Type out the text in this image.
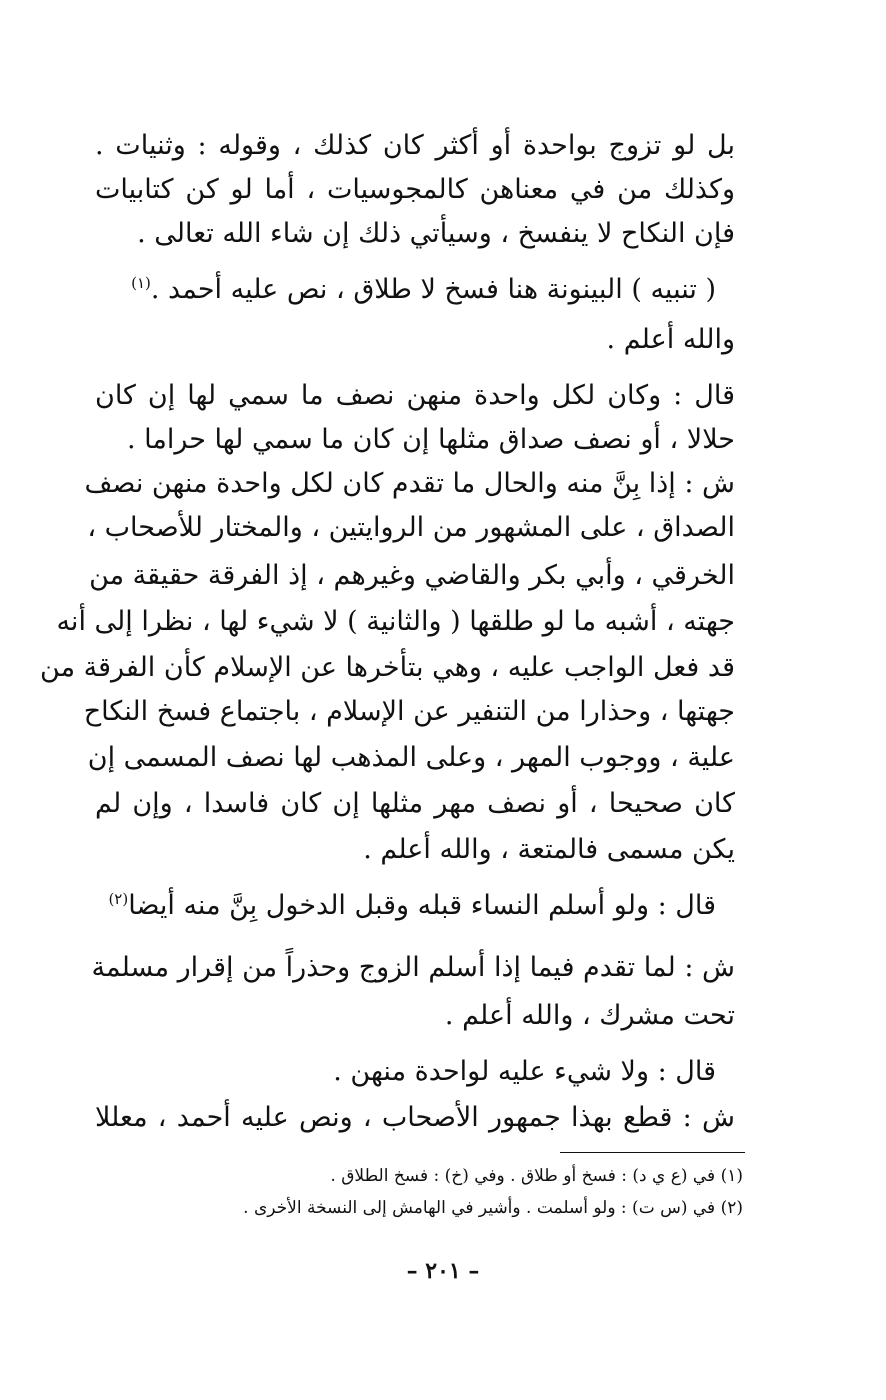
بل لو تزوج بواحدة أو أكثر كان كذلك ، وقوله : وثنيات .
وكذلك من في معناهن كالمجوسيات ، أما لو كن كتابيات
فإن النكاح لا ينفسخ ، وسيأتي ذلك إن شاء الله تعالى .
( تنبيه ) البينونة هنا فسخ لا طلاق ، نص عليه أحمد .$^{(١)}$
والله أعلم .
قال : وكان لكل واحدة منهن نصف ما سمي لها إن كان
حلالا ، أو نصف صداق مثلها إن كان ما سمي لها حراما .
ش : إذا بِنَّ منه والحال ما تقدم كان لكل واحدة منهن نصف
الصداق ، على المشهور من الروايتين ، والمختار للأصحاب ،
الخرقي ، وأبي بكر والقاضي وغيرهم ، إذ الفرقة حقيقة من
جهته ، أشبه ما لو طلقها ( والثانية ) لا شيء لها ، نظرا إلى أنه
قد فعل الواجب عليه ، وهي بتأخرها عن الإسلام كأن الفرقة من
جهتها ، وحذارا من التنفير عن الإسلام ، باجتماع فسخ النكاح
علية ، ووجوب المهر ، وعلى المذهب لها نصف المسمى إن
كان صحيحا ، أو نصف مهر مثلها إن كان فاسدا ، وإن لم
يكن مسمى فالمتعة ، والله أعلم .
قال : ولو أسلم النساء قبله وقبل الدخول بِنَّ منه أيضا$^{(٢)}$
ش : لما تقدم فيما إذا أسلم الزوج وحذراً من إقرار مسلمة
تحت مشرك ، والله أعلم .
قال : ولا شيء عليه لواحدة منهن .
ش : قطع بهذا جمهور الأصحاب ، ونص عليه أحمد ، معللا
(١) في (ع ي د) : فسخ أو طلاق . وفي (خ) : فسخ الطلاق .
(٢) في (س ت) : ولو أسلمت . وأشير في الهامش إلى النسخة الأخرى .
– ٢٠١ –
